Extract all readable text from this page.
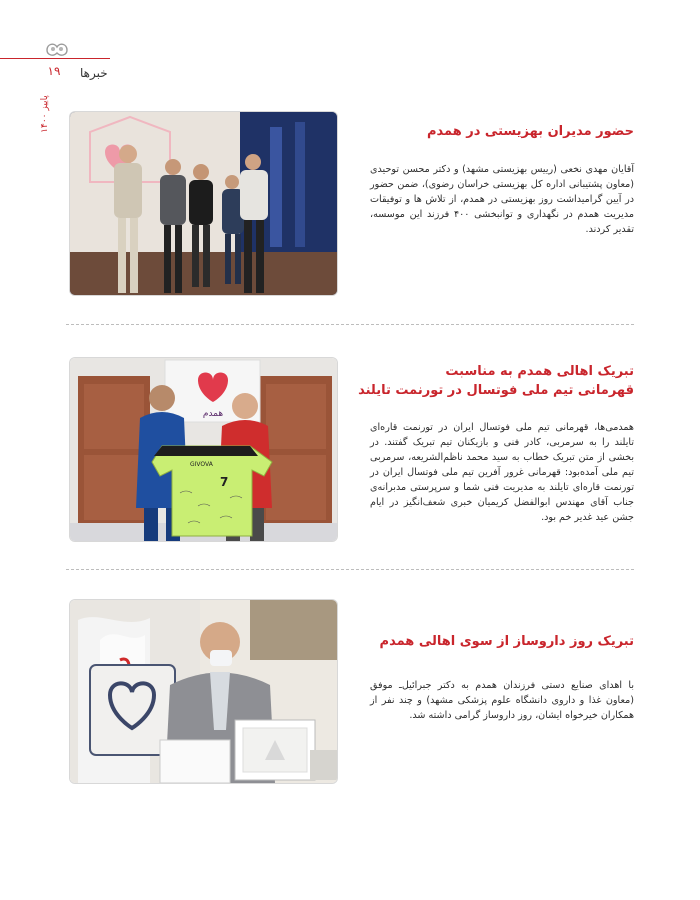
۱۹	خبرها
پاییز ۱۴۰۰
حضور مدیران بهزیستی در همدم
آقایان مهدی نخعی (رییس بهزیستی مشهد) و دکتر محسن توحیدی (معاون پشتیبانی اداره کل بهزیستی خراسان رضوی)، ضمن حضور در آیین گرامیداشت روز بهزیستی در همدم، از تلاش ها و توفیقات مدیریت همدم در نگهداری و توانبخشی ۴۰۰ فرزند این موسسه، تقدیر کردند.
همدم
7
GIVOVA
تبریک اهالی همدم به مناسبت
قهرمانی تیم ملی فوتسال در تورنمت تایلند
همدمی‌ها، قهرمانی تیم ملی فوتسال ایران در تورنمت قاره‌ای تایلند را به سرمربی، کادر فنی و بازیکنان تیم تبریک گفتند. در بخشی از متن تبریک خطاب به سید محمد ناظم‌الشریعه، سرمربی تیم ملی آمده‌بود: قهرمانی غرور آفرین تیم ملی فوتسال ایران در تورنمت قاره‌ای تایلند به مدیریت فنی شما و سرپرستی مدبرانه‌ی جناب آقای مهندس ابوالفضل کریمیان خبری شعف‌انگیز در ایام جشن عید غدیر خم بود.
تبریک روز داروساز از سوی اهالی همدم
با اهدای صنایع دستی فرزندان همدم به دکتر جبرائیل‌ـ موفق (معاون غذا و داروی دانشگاه علوم پزشکی مشهد) و چند نفر از همکاران خیرخواه ایشان، روز داروساز گرامی داشته شد.
